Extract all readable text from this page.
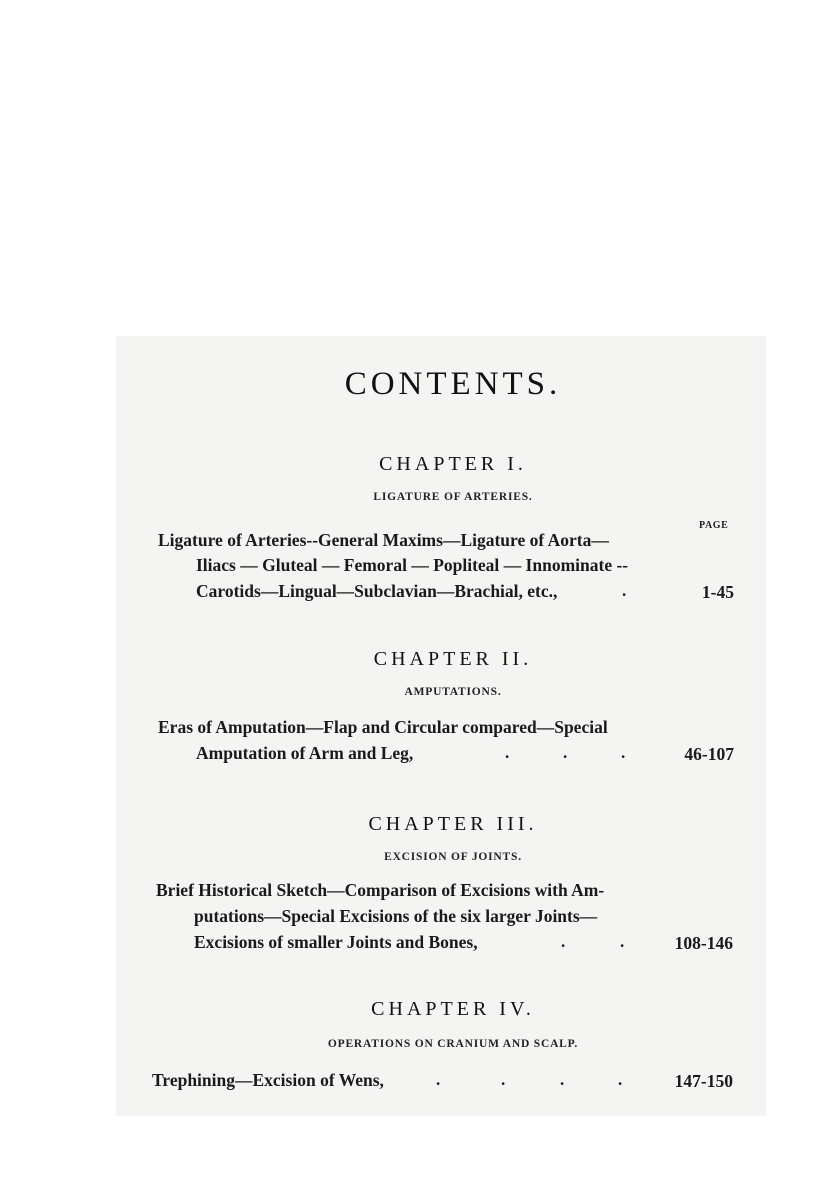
CONTENTS.
CHAPTER I.
LIGATURE OF ARTERIES.
PAGE
Ligature of Arteries--General Maxims—Ligature of Aorta—
Iliacs — Gluteal — Femoral — Popliteal — Innominate --
Carotids—Lingual—Subclavian—Brachial, etc.,	.	1-45
CHAPTER II.
AMPUTATIONS.
Eras of Amputation—Flap and Circular compared—Special
Amputation of Arm and Leg,	.	.	.	46-107
CHAPTER III.
EXCISION OF JOINTS.
Brief Historical Sketch—Comparison of Excisions with Am-
putations—Special Excisions of the six larger Joints—
Excisions of smaller Joints and Bones,	.	.	108-146
CHAPTER IV.
OPERATIONS ON CRANIUM AND SCALP.
Trephining—Excision of Wens,	.	.	.	.	147-150
